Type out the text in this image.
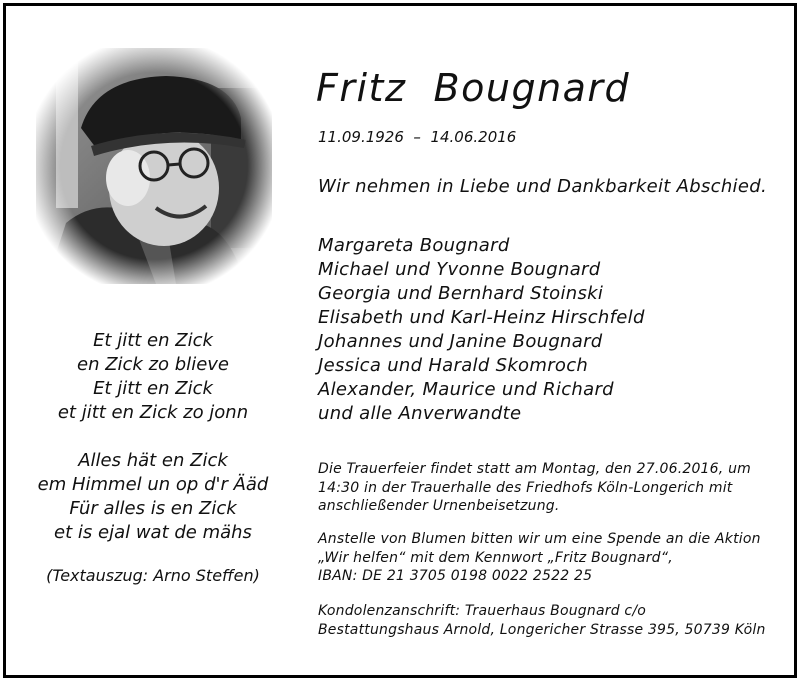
Fritz  Bougnard
11.09.1926  –  14.06.2016
Wir nehmen in Liebe und Dankbarkeit Abschied.
Margareta Bougnard
Michael und Yvonne Bougnard
Georgia und Bernhard Stoinski
Elisabeth und Karl-Heinz Hirschfeld
Johannes und Janine Bougnard
Jessica und Harald Skomroch
Alexander, Maurice und Richard
und alle Anverwandte
Et jitt en Zick
en Zick zo blieve
Et jitt en Zick
et jitt en Zick zo jonn
Alles hät en Zick
em Himmel un op d'r Ääd
Für alles is en Zick
et is ejal wat de mähs
(Textauszug: Arno Steffen)
Die Trauerfeier findet statt am Montag, den 27.06.2016, um
14:30 in der Trauerhalle des Friedhofs Köln-Longerich mit
anschließender Urnenbeisetzung.
Anstelle von Blumen bitten wir um eine Spende an die Aktion
„Wir helfen“ mit dem Kennwort „Fritz Bougnard“,
IBAN: DE 21 3705 0198 0022 2522 25
Kondolenzanschrift: Trauerhaus Bougnard c/o
Bestattungshaus Arnold, Longericher Strasse 395, 50739 Köln
